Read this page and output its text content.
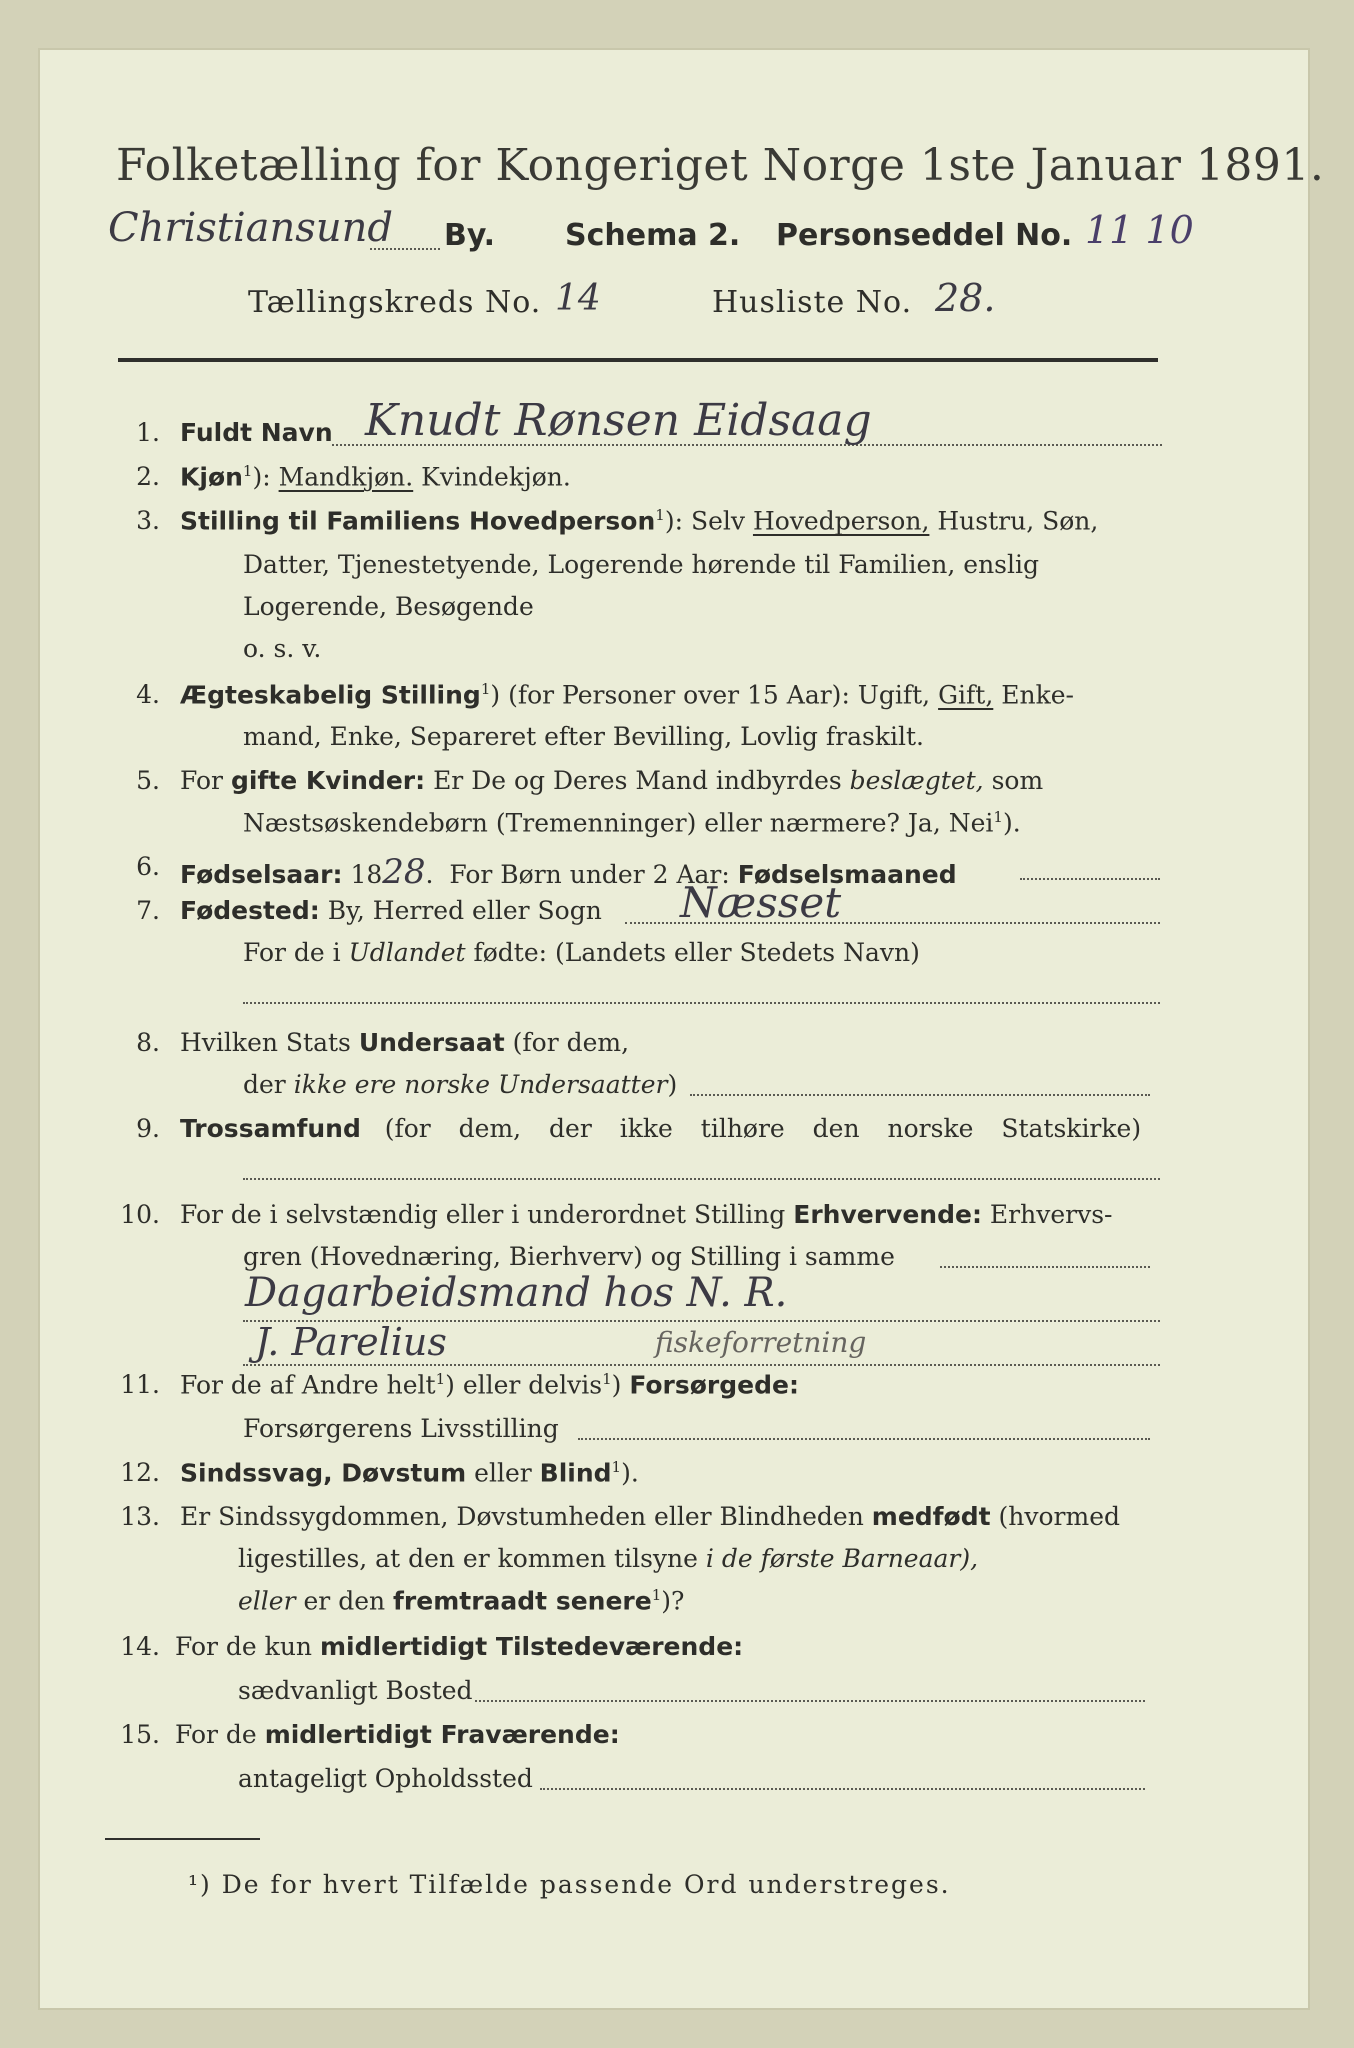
Folketælling for Kongeriget Norge 1ste Januar 1891.
Christiansund By. Schema 2. Personseddel No. 11 10
Tællingskreds No. 14	Husliste No. 28.
1. Fuldt Navn Knudt Rønsen Eidsaag
2. Kjøn$^1$): Mandkjøn. Kvindekjøn.
3. Stilling til Familiens Hovedperson$^1$): Selv Hovedperson, Hustru, Søn,
Datter, Tjenestetyende, Logerende hørende til Familien, enslig
Logerende, Besøgende
o. s. v.
4. Ægteskabelig Stilling$^1$) (for Personer over 15 Aar): Ugift, Gift, Enke-
mand, Enke, Separeret efter Bevilling, Lovlig fraskilt.
5. For gifte Kvinder: Er De og Deres Mand indbyrdes beslægtet, som
Næstsøskendebørn (Tremenninger) eller nærmere? Ja, Nei$^1$).
6. Fødselsaar: 1828.  For Børn under 2 Aar: Fødselsmaaned
7. Fødested: By, Herred eller Sogn Næsset
For de i Udlandet fødte: (Landets eller Stedets Navn)
8. Hvilken Stats Undersaat (for dem,
der ikke ere norske Undersaatter)
9. Trossamfund (for dem, der ikke tilhøre den norske Statskirke)
10. For de i selvstændig eller i underordnet Stilling Erhvervende: Erhvervs-
gren (Hovednæring, Bierhverv) og Stilling i samme
Dagarbeidsmand hos N. R.
J. Parelius	fiskeforretning
11. For de af Andre helt$^1$) eller delvis$^1$) Forsørgede:
Forsørgerens Livsstilling
12. Sindssvag, Døvstum eller Blind$^1$).
13. Er Sindssygdommen, Døvstumheden eller Blindheden medfødt (hvormed
ligestilles, at den er kommen tilsyne i de første Barneaar),
eller er den fremtraadt senere$^1$)?
14. For de kun midlertidigt Tilstedeværende:
sædvanligt Bosted
15. For de midlertidigt Fraværende:
antageligt Opholdssted
¹) De for hvert Tilfælde passende Ord understreges.
